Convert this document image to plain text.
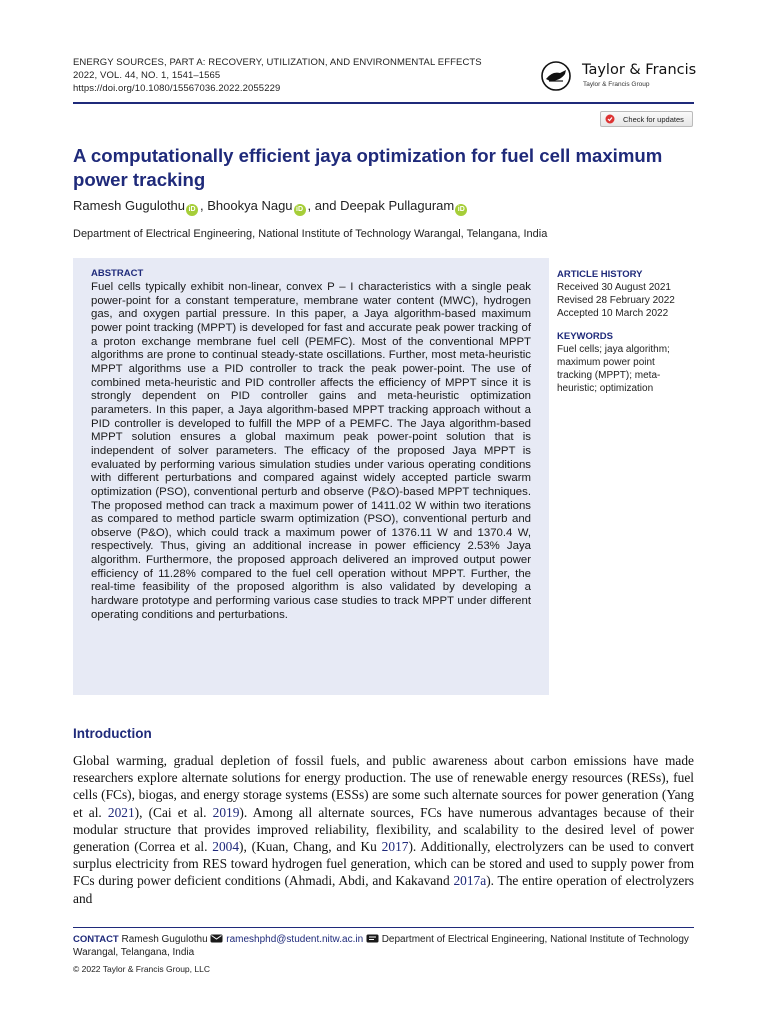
ENERGY SOURCES, PART A: RECOVERY, UTILIZATION, AND ENVIRONMENTAL EFFECTS
2022, VOL. 44, NO. 1, 1541–1565
https://doi.org/10.1080/15567036.2022.2055229
Taylor & Francis
Taylor & Francis Group
Check for updates
A computationally efficient jaya optimization for fuel cell maximum power tracking
Ramesh Gugulothu iD , Bhookya Nagu iD , and Deepak Pullaguram iD
Department of Electrical Engineering, National Institute of Technology Warangal, Telangana, India
ABSTRACT
Fuel cells typically exhibit non-linear, convex P – I characteristics with a single peak power-point for a constant temperature, membrane water content (MWC), hydrogen gas, and oxygen partial pressure. In this paper, a Jaya algorithm-based maximum power point tracking (MPPT) is developed for fast and accurate peak power tracking of a proton exchange membrane fuel cell (PEMFC). Most of the conventional MPPT algorithms are prone to continual steady-state oscillations. Further, most meta-heuristic MPPT algorithms use a PID controller to track the peak power-point. The use of combined meta-heuristic and PID controller affects the efficiency of MPPT since it is strongly dependent on PID controller gains and meta-heuristic optimization parameters. In this paper, a Jaya algorithm-based MPPT tracking approach without a PID controller is developed to fulfill the MPP of a PEMFC. The Jaya algorithm-based MPPT solution ensures a global maximum peak power-point solution that is independent of solver parameters. The efficacy of the proposed Jaya MPPT is evaluated by performing various simulation studies under various operating conditions with different perturbations and compared against widely accepted particle swarm optimization (PSO), conventional perturb and observe (P&O)-based MPPT techniques. The proposed method can track a maximum power of 1411.02 W within two iterations as compared to method particle swarm optimization (PSO), conventional perturb and observe (P&O), which could track a maximum power of 1376.11 W and 1370.4 W, respectively. Thus, giving an additional increase in power efficiency 2.53% Jaya algorithm. Furthermore, the proposed approach delivered an improved output power efficiency of 11.28% compared to the fuel cell operation without MPPT. Further, the real-time feasibility of the proposed algorithm is also validated by developing a hardware prototype and performing various case studies to track MPPT under different operating conditions and perturbations.
ARTICLE HISTORY
Received 30 August 2021
Revised 28 February 2022
Accepted 10 March 2022
KEYWORDS
Fuel cells; jaya algorithm;
maximum power point
tracking (MPPT); meta-
heuristic; optimization
Introduction
Global warming, gradual depletion of fossil fuels, and public awareness about carbon emissions have made researchers explore alternate solutions for energy production. The use of renewable energy resources (RESs), fuel cells (FCs), biogas, and energy storage systems (ESSs) are some such alternate sources for power generation (Yang et al. 2021), (Cai et al. 2019). Among all alternate sources, FCs have numerous advantages because of their modular structure that provides improved reliability, flexibility, and scalability to the desired level of power generation (Correa et al. 2004), (Kuan, Chang, and Ku 2017). Additionally, electrolyzers can be used to convert surplus electricity from RES toward hydrogen fuel generation, which can be stored and used to supply power from FCs during power deficient conditions (Ahmadi, Abdi, and Kakavand 2017a). The entire operation of electrolyzers and
CONTACT Ramesh Gugulothu  rameshphd@student.nitw.ac.in  Department of Electrical Engineering, National Institute of Technology Warangal, Telangana, India
© 2022 Taylor & Francis Group, LLC
